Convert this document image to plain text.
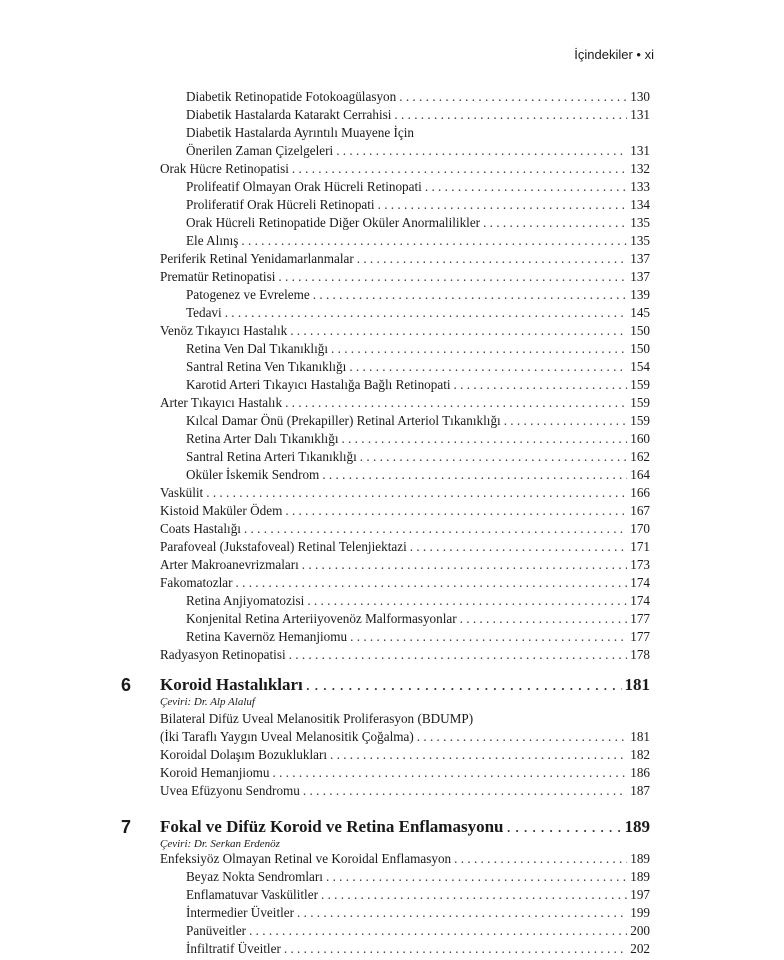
İçindekiler • xi
Diabetik Retinopatide Fotokoagülasyon . . .	130
Diabetik Hastalarda Katarakt Cerrahisi . . .	131
Diabetik Hastalarda Ayrıntılı Muayene İçin
Önerilen Zaman Çizelgeleri . . .	131
Orak Hücre Retinopatisi . . .	132
Prolifeatif Olmayan Orak Hücreli Retinopati . . .	133
Proliferatif Orak Hücreli Retinopati . . .	134
Orak Hücreli Retinopatide Diğer Oküler Anormalilikler . . .	135
Ele Alınış . . .	135
Periferik Retinal Yenidamarlanmalar . . .	137
Prematür Retinopatisi . . .	137
Patogenez ve Evreleme . . .	139
Tedavi . . .	145
Venöz Tıkayıcı Hastalık . . .	150
Retina Ven Dal Tıkanıklığı . . .	150
Santral Retina Ven Tıkanıklığı . . .	154
Karotid Arteri Tıkayıcı Hastalığa Bağlı Retinopati . . .	159
Arter Tıkayıcı Hastalık . . .	159
Kılcal Damar Önü (Prekapiller) Retinal Arteriol Tıkanıklığı . . .	159
Retina Arter Dalı Tıkanıklığı . . .	160
Santral Retina Arteri Tıkanıklığı . . .	162
Oküler İskemik Sendrom . . .	164
Vaskülit . . .	166
Kistoid Maküler Ödem . . .	167
Coats Hastalığı . . .	170
Parafoveal (Jukstafoveal) Retinal Telenjiektazi . . .	171
Arter Makroanevrizmaları . . .	173
Fakomatozlar . . .	174
Retina Anjiyomatozisi . . .	174
Konjenital Retina Arteriiyovenöz Malformasyonlar . . .	177
Retina Kavernöz Hemanjiomu . . .	177
Radyasyon Retinopatisi . . .	178
Koroid Hastalıkları . . .	181
Çeviri: Dr. Alp Alaluf
Bilateral Difüz Uveal Melanositik Proliferasyon (BDUMP)
(İki Taraflı Yaygın Uveal Melanositik Çoğalma) . . .	181
Koroidal Dolaşım Bozuklukları . . .	182
Koroid Hemanjiomu . . .	186
Uvea Efüzyonu Sendromu . . .	187
Fokal ve Difüz Koroid ve Retina Enflamasyonu . . .	189
Çeviri: Dr. Serkan Erdenöz
Enfeksiyöz Olmayan Retinal ve Koroidal Enflamasyon . . .	189
Beyaz Nokta Sendromları . . .	189
Enflamatuvar Vaskülitler . . .	197
İntermedier Üveitler . . .	199
Panüveitler . . .	200
İnfiltratif Üveitler . . .	202
6
7
